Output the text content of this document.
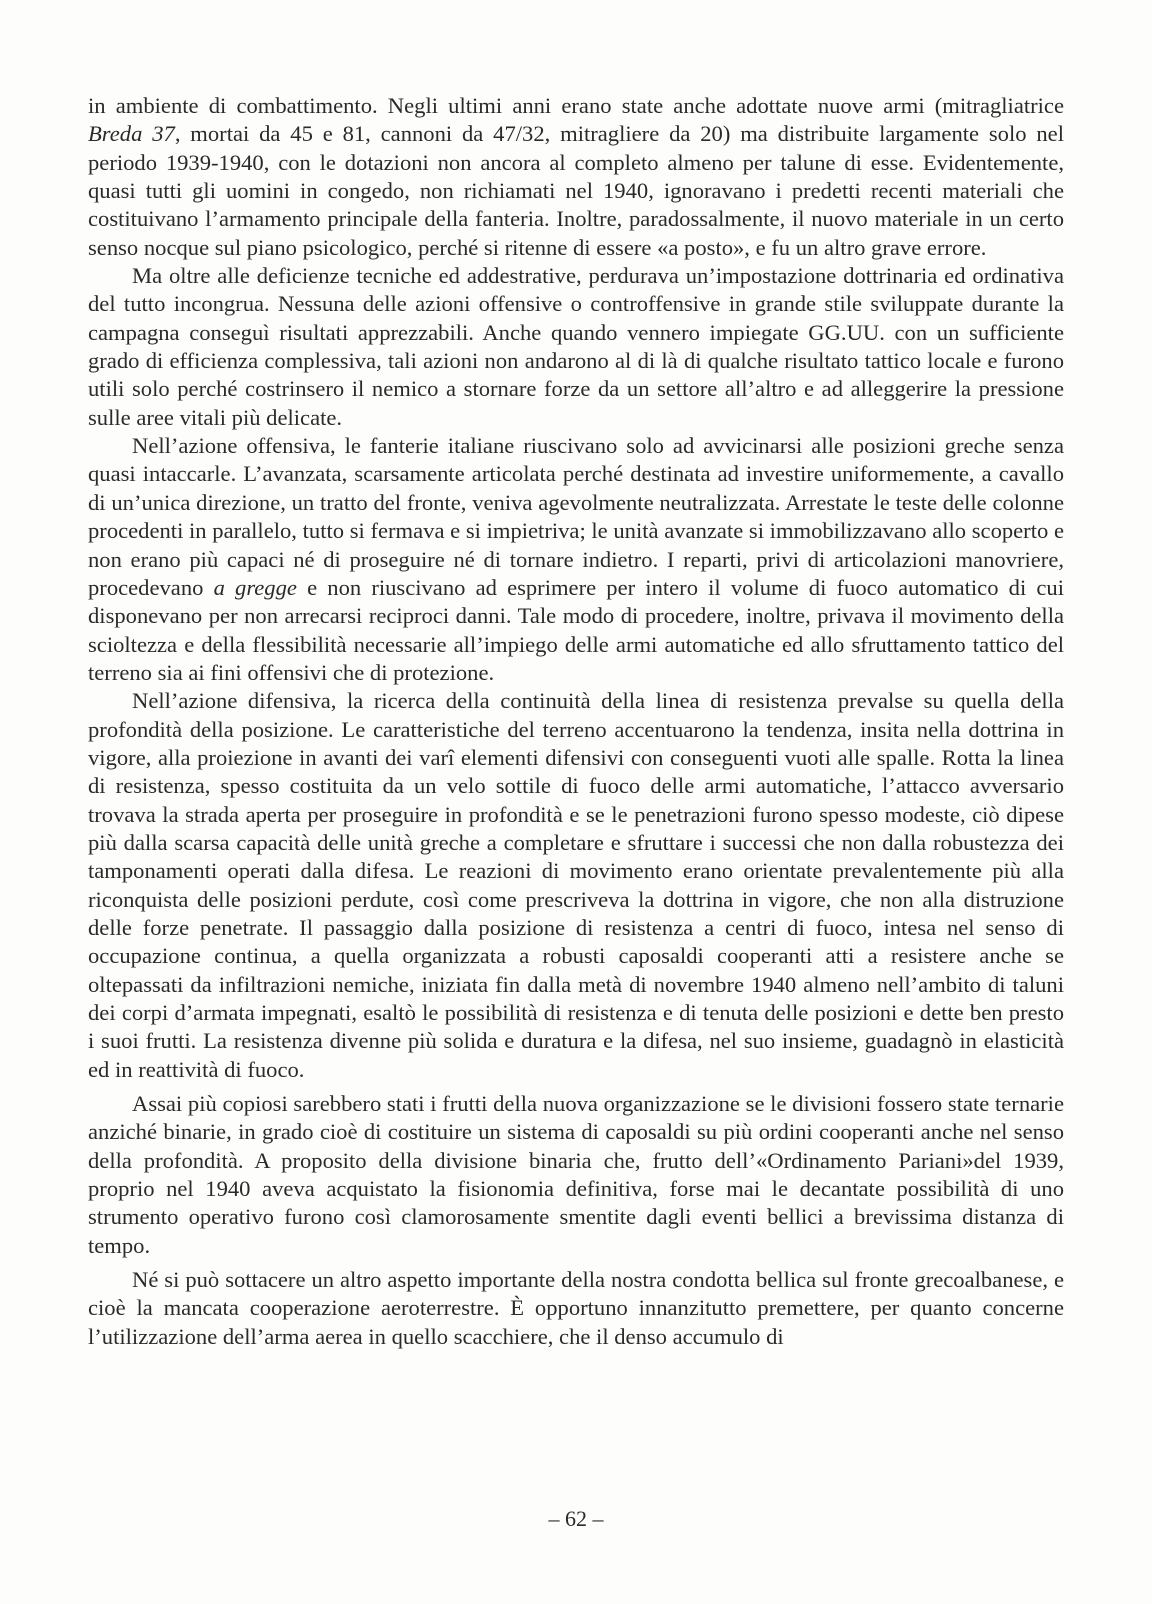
in ambiente di combattimento. Negli ultimi anni erano state anche adottate nuove armi (mitragliatrice Breda 37, mortai da 45 e 81, cannoni da 47/32, mitragliere da 20) ma distribuite largamente solo nel periodo 1939-1940, con le dotazioni non ancora al completo almeno per talune di esse. Evidentemente, quasi tutti gli uomini in congedo, non richiamati nel 1940, ignoravano i predetti recenti materiali che costituivano l’armamento principale della fanteria. Inoltre, paradossalmente, il nuovo materiale in un certo senso nocque sul piano psicologico, perché si ritenne di essere «a posto», e fu un altro grave errore.

Ma oltre alle deficienze tecniche ed addestrative, perdurava un’impostazione dottrinaria ed ordinativa del tutto incongrua. Nessuna delle azioni offensive o controffensive in grande stile sviluppate durante la campagna conseguì risultati apprezzabili. Anche quando vennero impiegate GG.UU. con un sufficiente grado di efficienza complessiva, tali azioni non andarono al di là di qualche risultato tattico locale e furono utili solo perché costrinsero il nemico a stornare forze da un settore all’altro e ad alleggerire la pressione sulle aree vitali più delicate.

Nell’azione offensiva, le fanterie italiane riuscivano solo ad avvicinarsi alle posizioni greche senza quasi intaccarle. L’avanzata, scarsamente articolata perché destinata ad investire uniformemente, a cavallo di un’unica direzione, un tratto del fronte, veniva agevolmente neutralizzata. Arrestate le teste delle colonne procedenti in parallelo, tutto si fermava e si impietriva; le unità avanzate si immobilizzavano allo scoperto e non erano più capaci né di proseguire né di tornare indietro. I reparti, privi di articolazioni manovriere, procedevano a gregge e non riuscivano ad esprimere per intero il volume di fuoco automatico di cui disponevano per non arrecarsi reciproci danni. Tale modo di procedere, inoltre, privava il movimento della scioltezza e della flessibilità necessarie all’impiego delle armi automatiche ed allo sfruttamento tattico del terreno sia ai fini offensivi che di protezione.

Nell’azione difensiva, la ricerca della continuità della linea di resistenza prevalse su quella della profondità della posizione. Le caratteristiche del terreno accentuarono la tendenza, insita nella dottrina in vigore, alla proiezione in avanti dei varî elementi difensivi con conseguenti vuoti alle spalle. Rotta la linea di resistenza, spesso costituita da un velo sottile di fuoco delle armi automatiche, l’attacco avversario trovava la strada aperta per proseguire in profondità e se le penetrazioni furono spesso modeste, ciò dipese più dalla scarsa capacità delle unità greche a completare e sfruttare i successi che non dalla robustezza dei tamponamenti operati dalla difesa. Le reazioni di movimento erano orientate prevalentemente più alla riconquista delle posizioni perdute, così come prescriveva la dottrina in vigore, che non alla distruzione delle forze penetrate. Il passaggio dalla posizione di resistenza a centri di fuoco, intesa nel senso di occupazione continua, a quella organizzata a robusti caposaldi cooperanti atti a resistere anche se oltepassati da infiltrazioni nemiche, iniziata fin dalla metà di novembre 1940 almeno nell’ambito di taluni dei corpi d’armata impegnati, esaltò le possibilità di resistenza e di tenuta delle posizioni e dette ben presto i suoi frutti. La resistenza divenne più solida e duratura e la difesa, nel suo insieme, guadagnò in elasticità ed in reattività di fuoco.

Assai più copiosi sarebbero stati i frutti della nuova organizzazione se le divisioni fossero state ternarie anziché binarie, in grado cioè di costituire un sistema di caposaldi su più ordini cooperanti anche nel senso della profondità. A proposito della divisione binaria che, frutto dell’«Ordinamento Pariani»del 1939, proprio nel 1940 aveva acquistato la fisionomia definitiva, forse mai le decantate possibilità di uno strumento operativo furono così clamorosamente smentite dagli eventi bellici a brevissima distanza di tempo.

Né si può sottacere un altro aspetto importante della nostra condotta bellica sul fronte grecoalbanese, e cioè la mancata cooperazione aeroterrestre. È opportuno innanzitutto premettere, per quanto concerne l’utilizzazione dell’arma aerea in quello scacchiere, che il denso accumulo di

– 62 –
